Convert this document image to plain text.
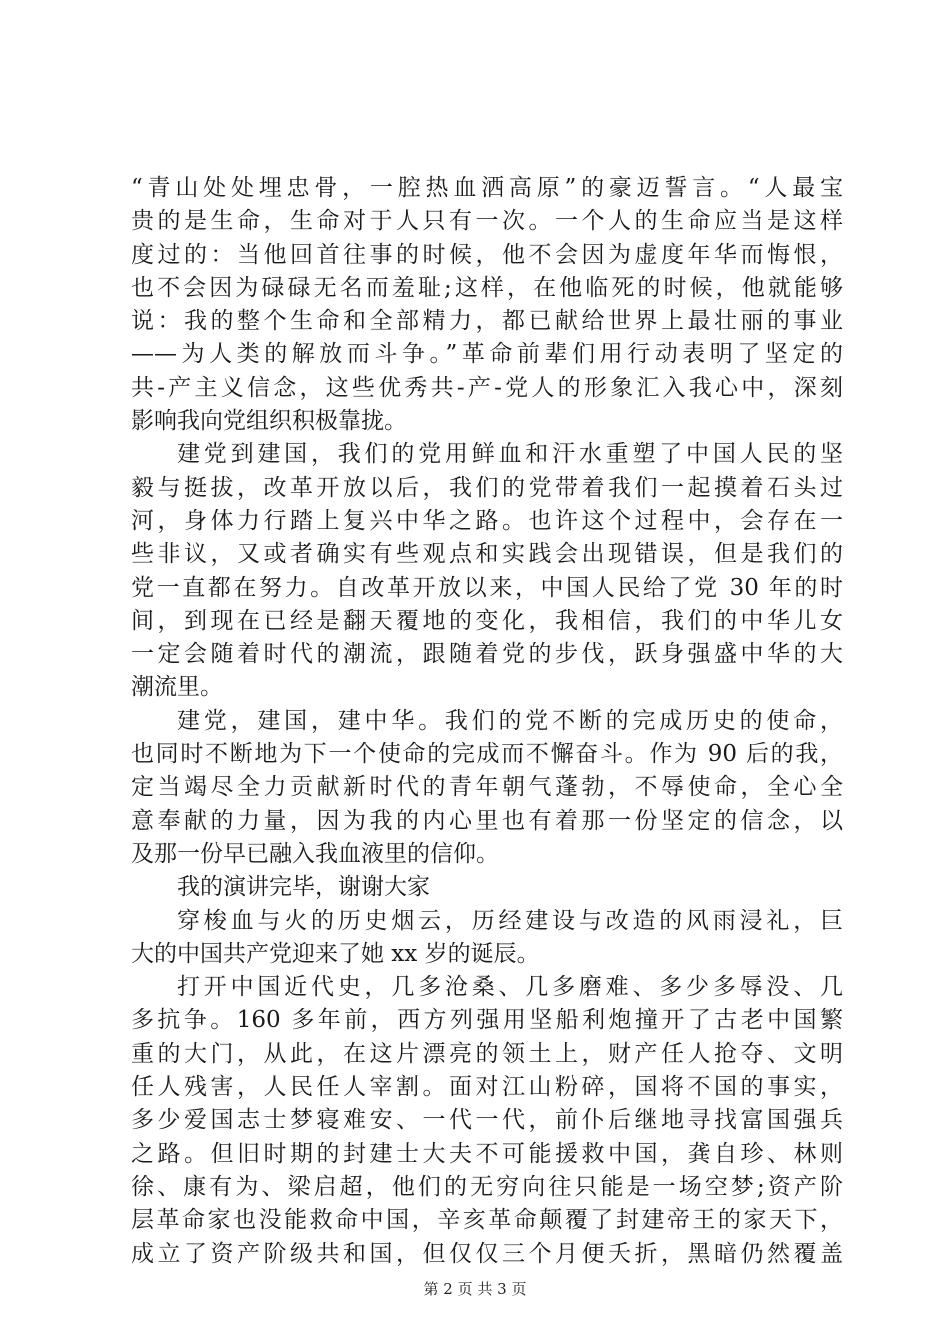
“青山处处埋忠骨，一腔热血洒高原”的豪迈誓言。“人最宝
贵的是生命，生命对于人只有一次。一个人的生命应当是这样
度过的：当他回首往事的时候，他不会因为虚度年华而悔恨，
也不会因为碌碌无名而羞耻;这样，在他临死的时候，他就能够
说：我的整个生命和全部精力，都已献给世界上最壮丽的事业
——为人类的解放而斗争。”革命前辈们用行动表明了坚定的
共-产主义信念，这些优秀共-产-党人的形象汇入我心中，深刻
影响我向党组织积极靠拢。
建党到建国，我们的党用鲜血和汗水重塑了中国人民的坚
毅与挺拔，改革开放以后，我们的党带着我们一起摸着石头过
河，身体力行踏上复兴中华之路。也许这个过程中，会存在一
些非议，又或者确实有些观点和实践会出现错误，但是我们的
党一直都在努力。自改革开放以来，中国人民给了党 30 年的时
间，到现在已经是翻天覆地的变化，我相信，我们的中华儿女
一定会随着时代的潮流，跟随着党的步伐，跃身强盛中华的大
潮流里。
建党，建国，建中华。我们的党不断的完成历史的使命，
也同时不断地为下一个使命的完成而不懈奋斗。作为 90 后的我，
定当竭尽全力贡献新时代的青年朝气蓬勃，不辱使命，全心全
意奉献的力量，因为我的内心里也有着那一份坚定的信念，以
及那一份早已融入我血液里的信仰。
我的演讲完毕，谢谢大家
穿梭血与火的历史烟云，历经建设与改造的风雨浸礼，巨
大的中国共产党迎来了她 xx 岁的诞辰。
打开中国近代史，几多沧桑、几多磨难、多少多辱没、几
多抗争。160 多年前，西方列强用坚船利炮撞开了古老中国繁
重的大门，从此，在这片漂亮的领土上，财产任人抢夺、文明
任人残害，人民任人宰割。面对江山粉碎，国将不国的事实，
多少爱国志士梦寝难安、一代一代，前仆后继地寻找富国强兵
之路。但旧时期的封建士大夫不可能援救中国，龚自珍、林则
徐、康有为、梁启超，他们的无穷向往只能是一场空梦;资产阶
层革命家也没能救命中国，辛亥革命颠覆了封建帝王的家天下，
成立了资产阶级共和国，但仅仅三个月便夭折，黑暗仍然覆盖
第 2 页 共 3 页
